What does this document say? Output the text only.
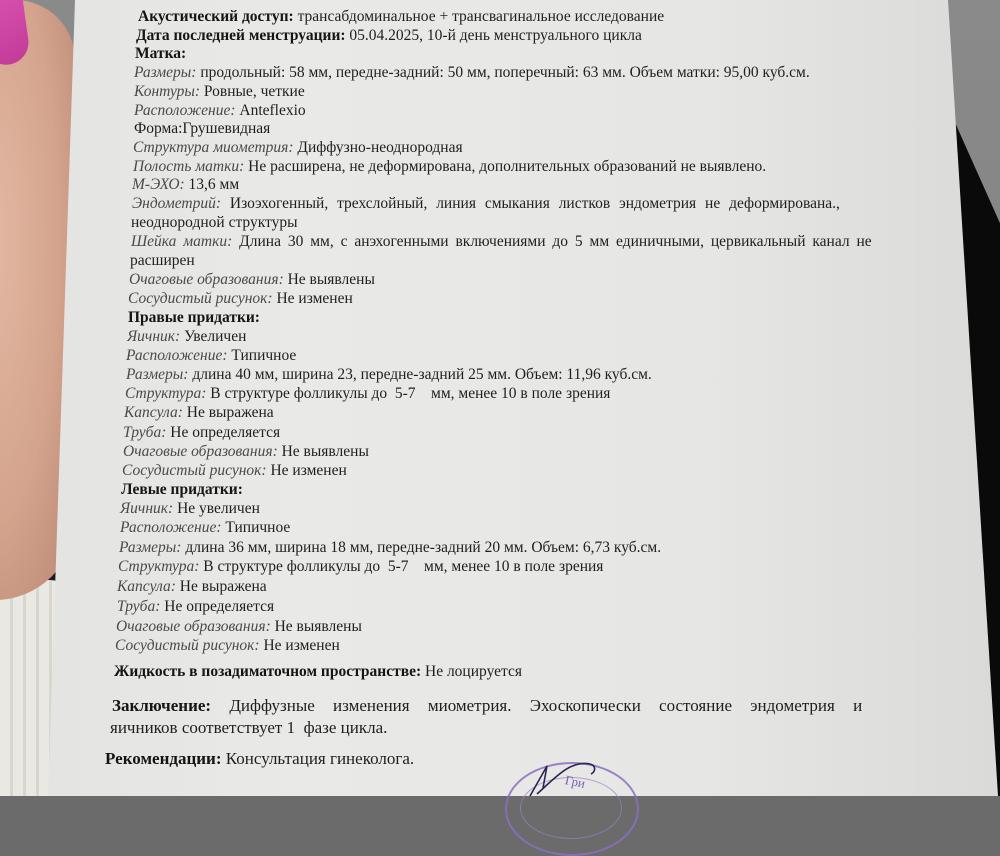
Акустический доступ: трансабдоминальное + трансвагинальное исследование
Дата последней менструации: 05.04.2025, 10-й день менструального цикла
Матка:
Размеры: продольный: 58 мм, передне-задний: 50 мм, поперечный: 63 мм. Объем матки: 95,00 куб.см.
Контуры: Ровные, четкие
Расположение: Anteflexio
Форма:Грушевидная
Структура миометрия: Диффузно-неоднородная
Полость матки: Не расширена, не деформирована, дополнительных образований не выявлено.
М-ЭХО: 13,6 мм
Эндометрий: Изоэхогенный, трехслойный, линия смыкания листков эндометрия не деформирована.,
неоднородной структуры
Шейка матки: Длина 30 мм, с анэхогенными включениями до 5 мм единичными, цервикальный канал не
расширен
Очаговые образования: Не выявлены
Сосудистый рисунок: Не изменен
Правые придатки:
Яичник: Увеличен
Расположение: Типичное
Размеры: длина 40 мм, ширина 23, передне-задний 25 мм. Объем: 11,96 куб.см.
Структура: В структуре фолликулы до  5-7    мм, менее 10 в поле зрения
Капсула: Не выражена
Труба: Не определяется
Очаговые образования: Не выявлены
Сосудистый рисунок: Не изменен
Левые придатки:
Яичник: Не увеличен
Расположение: Типичное
Размеры: длина 36 мм, ширина 18 мм, передне-задний 20 мм. Объем: 6,73 куб.см.
Структура: В структуре фолликулы до  5-7    мм, менее 10 в поле зрения
Капсула: Не выражена
Труба: Не определяется
Очаговые образования: Не выявлены
Сосудистый рисунок: Не изменен
Жидкость в позадиматочном пространстве: Не лоцируется
Заключение: Диффузные изменения миометрия. Эхоскопически состояние эндометрия и
яичников соответствует 1  фазе цикла.
Рекомендации: Консультация гинеколога.
Гри
